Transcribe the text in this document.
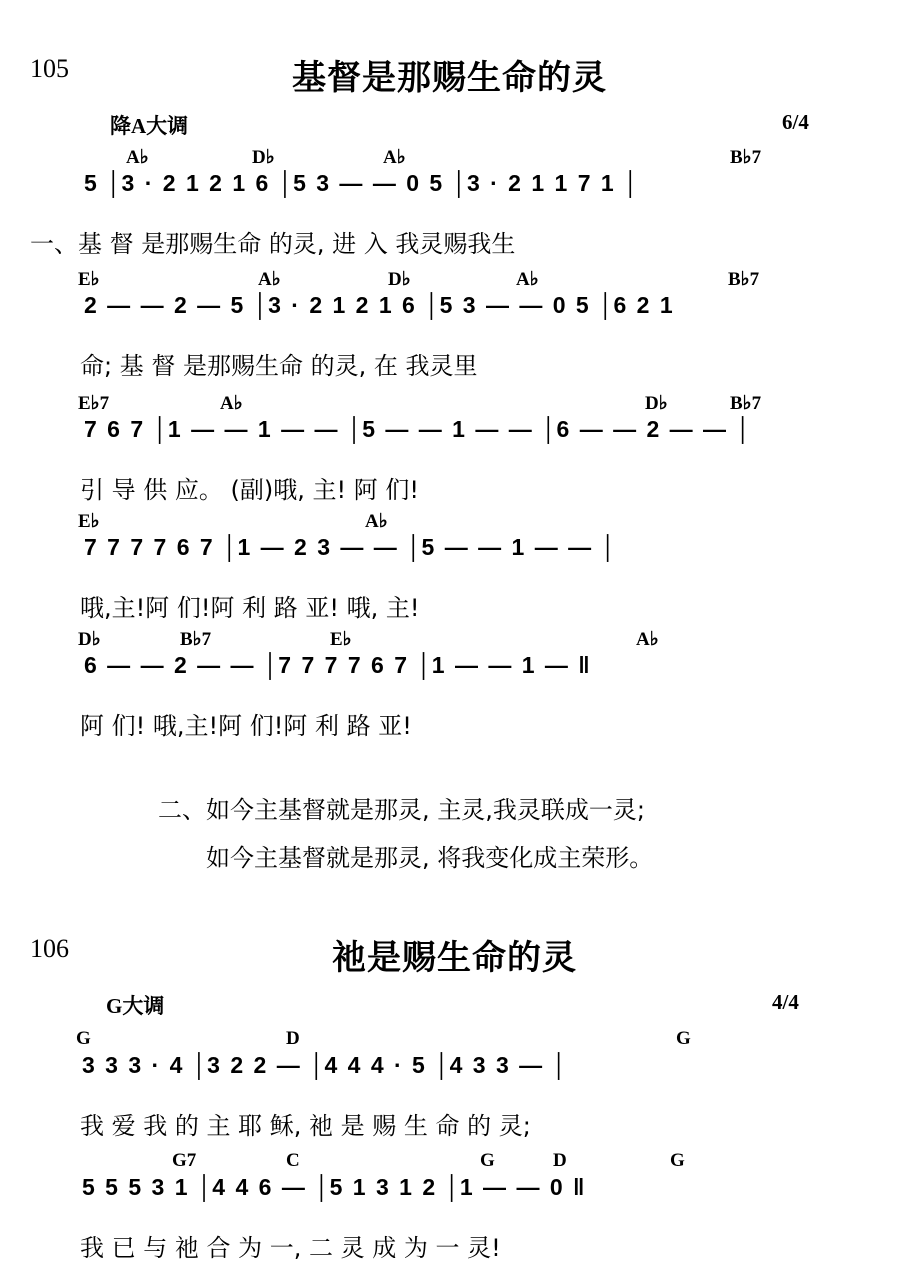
105	基督是那赐生命的灵
降A大调	6/4
A♭	D♭	A♭	B♭7
5 │3 · 2 1 2 1 6 │5 3 — — 0 5 │3 · 2 1 1 7 1 │
一、基 督 是那赐生命 的灵, 进 入 我灵赐我生
E♭	A♭	D♭	A♭	B♭7
2 — — 2 — 5 │3 · 2 1 2 1 6 │5 3 — — 0 5 │6 2 1
命; 基 督 是那赐生命 的灵, 在 我灵里
E♭7	A♭	D♭	B♭7
7 6 7 │1 — — 1 — — │5 — — 1 — — │6 — — 2 — — │
引 导 供 应。 (副)哦, 主! 阿 们!
E♭	A♭
7 7 7 7 6 7 │1 — 2 3 — — │5 — — 1 — — │
哦,主!阿 们!阿 利 路 亚! 哦, 主!
D♭	B♭7	E♭	A♭
6 — — 2 — — │7 7 7 7 6 7 │1 — — 1 — ‖
阿 们! 哦,主!阿 们!阿 利 路 亚!
二、如今主基督就是那灵, 主灵,我灵联成一灵;
如今主基督就是那灵, 将我变化成主荣形。
106	祂是赐生命的灵
G大调	4/4
G	D	G
3 3 3 · 4 │3 2 2 — │4 4 4 · 5 │4 3 3 — │
我 爱 我 的 主 耶 稣, 祂 是 赐 生 命 的 灵;
G7	C	G	D	G
5 5 5 3 1 │4 4 6 — │5 1 3 1 2 │1 — — 0 ‖
我 已 与 祂 合 为 一, 二 灵 成 为 一 灵!
